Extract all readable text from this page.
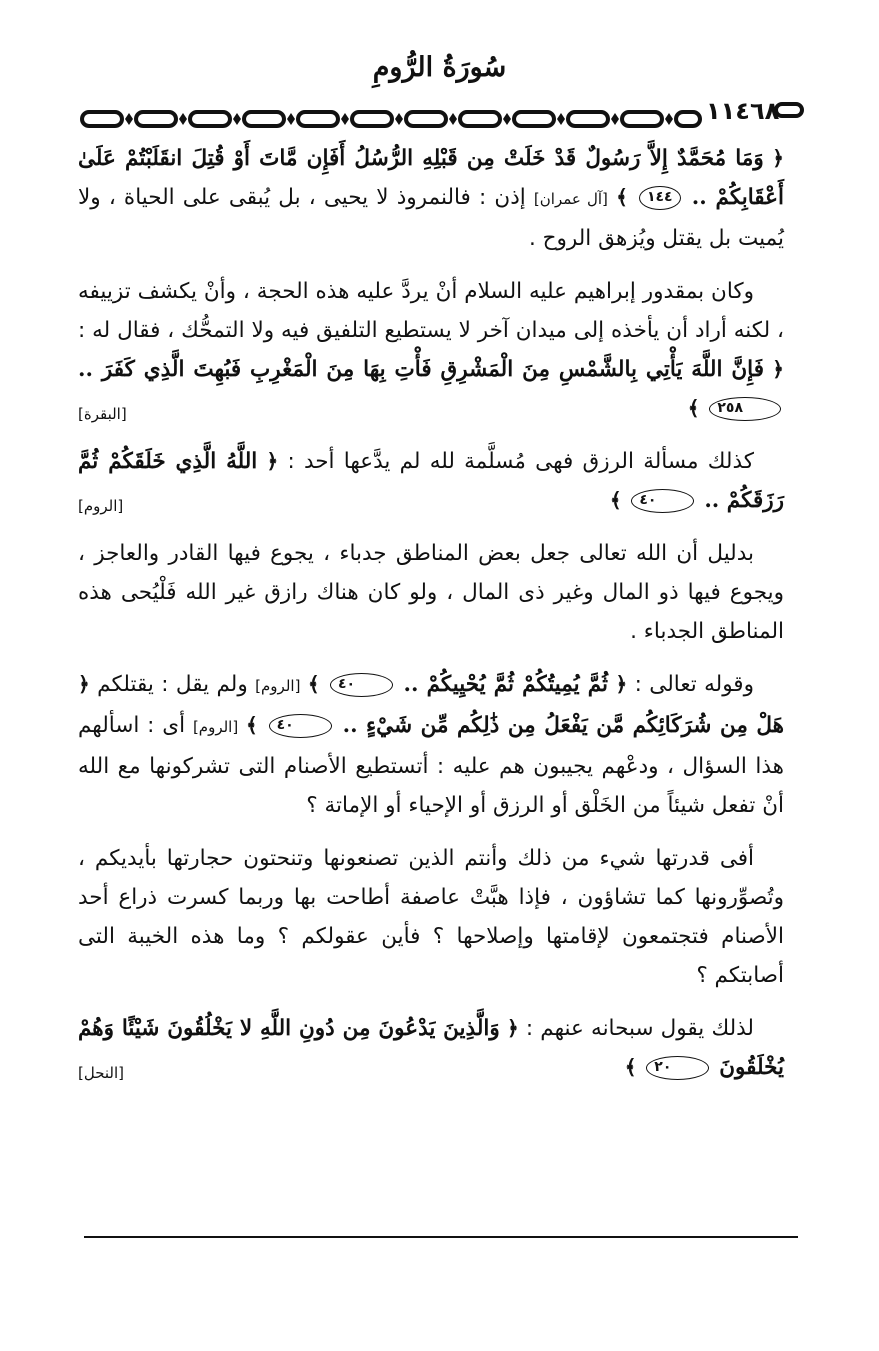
سُورَةُ الرُّومِ
١١٤٦٨

﴿ وَمَا مُحَمَّدٌ إِلاَّ رَسُولٌ قَدْ خَلَتْ مِن قَبْلِهِ الرُّسُلُ أَفَإِن مَّاتَ أَوْ قُتِلَ انقَلَبْتُمْ عَلَىٰ أَعْقَابِكُمْ .. ١٤٤ ﴾ [آل عمران] إذن : فالنمروذ لا يحيى ، بل يُبقى على الحياة ، ولا يُميت بل يقتل ويُزهق الروح .

وكان بمقدور إبراهيم عليه السلام أنْ يردَّ عليه هذه الحجة ، وأنْ يكشف تزييفه ، لكنه أراد أن يأخذه إلى ميدان آخر لا يستطيع التلفيق فيه ولا التمحُّك ، فقال له : ﴿ فَإِنَّ اللَّهَ يَأْتِي بِالشَّمْسِ مِنَ الْمَشْرِقِ فَأْتِ بِهَا مِنَ الْمَغْرِبِ فَبُهِتَ الَّذِي كَفَرَ .. ٢٥٨ ﴾
[البقرة]

كذلك مسألة الرزق فهى مُسلَّمة لله لم يدَّعها أحد : ﴿ اللَّهُ الَّذِي خَلَقَكُمْ ثُمَّ رَزَقَكُمْ .. ٤٠ ﴾
[الروم]

بدليل أن الله تعالى جعل بعض المناطق جدباء ، يجوع فيها القادر والعاجز ، ويجوع فيها ذو المال وغير ذى المال ، ولو كان هناك رازق غير الله فَلْيُحى هذه المناطق الجدباء .

وقوله تعالى : ﴿ ثُمَّ يُمِيتُكُمْ ثُمَّ يُحْيِيكُمْ .. ٤٠ ﴾ [الروم] ولم يقل : يقتلكم ﴿ هَلْ مِن شُرَكَائِكُم مَّن يَفْعَلُ مِن ذَٰلِكُم مِّن شَيْءٍ .. ٤٠ ﴾ [الروم] أى : اسألهم هذا السؤال ، ودعْهم يجيبون هم عليه : أتستطيع الأصنام التى تشركونها مع الله أنْ تفعل شيئاً من الخَلْق أو الرزق أو الإحياء أو الإماتة ؟

أفى قدرتها شيء من ذلك وأنتم الذين تصنعونها وتنحتون حجارتها بأيديكم ، وتُصوِّرونها كما تشاؤون ، فإذا هبَّتْ عاصفة أطاحت بها وربما كسرت ذراع أحد الأصنام فتجتمعون لإقامتها وإصلاحها ؟ فأين عقولكم ؟ وما هذه الخيبة التى أصابتكم ؟

لذلك يقول سبحانه عنهم : ﴿ وَالَّذِينَ يَدْعُونَ مِن دُونِ اللَّهِ لا يَخْلُقُونَ شَيْئًا وَهُمْ يُخْلَقُونَ ٢٠ ﴾
[النحل]
